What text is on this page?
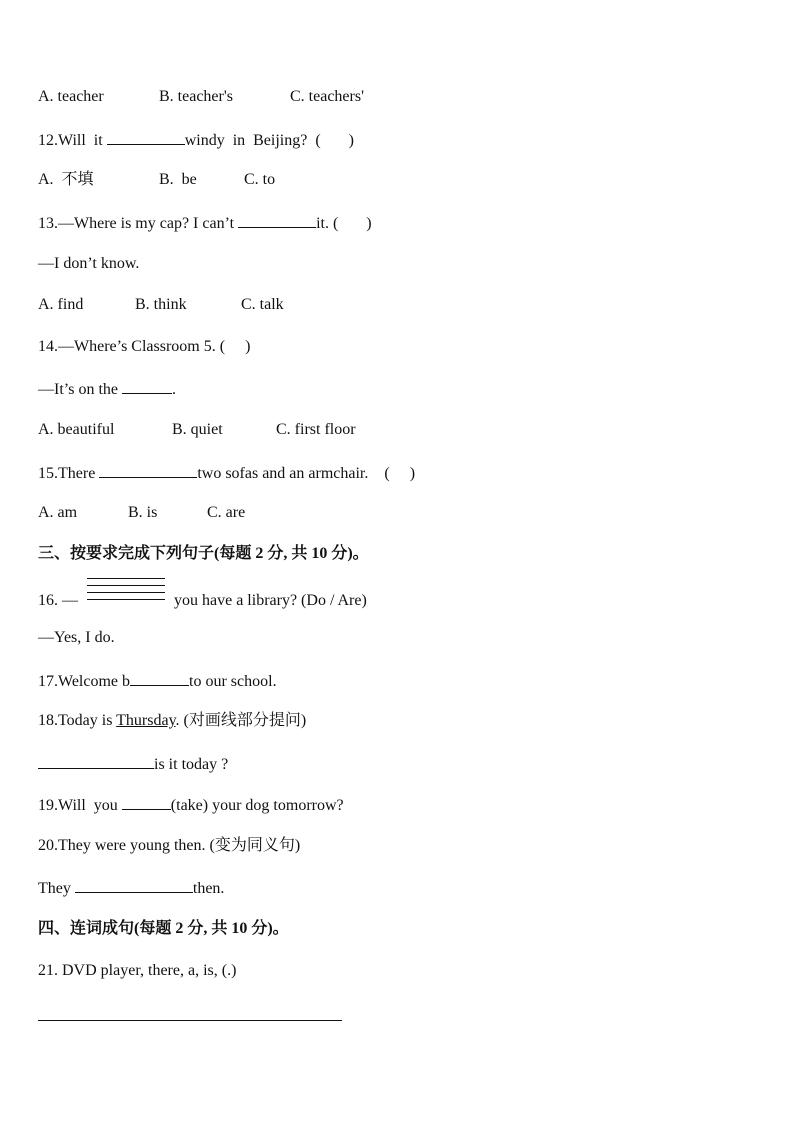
A. teacher

	B. teacher's

	C. teachers'

12.Will  it	windy  in  Beijing?  (       )

A.  不填

	B.  be

	C. to

13.—Where is my cap? I can’t	it. (       )
—I don’t know.

A. find

	B. think

	C. talk

14.—Where’s Classroom 5. (     )
—It’s on the	.

A. beautiful

	B. quiet

	C. first floor

15.There	two sofas and an armchair.    (     )

A. am

	B. is

	C. are

三、按要求完成下列句子(每题 2 分, 共 10 分)。
16. —	you have a library? (Do / Are)
—Yes, I do.
17.Welcome b	to our school.
18.Today is Thursday. (对画线部分提问)
is it today ?
19.Will  you	(take) your dog tomorrow?
20.They were young then. (变为同义句)
They	then.
四、连词成句(每题 2 分, 共 10 分)。
21. DVD player, there, a, is, (.)
